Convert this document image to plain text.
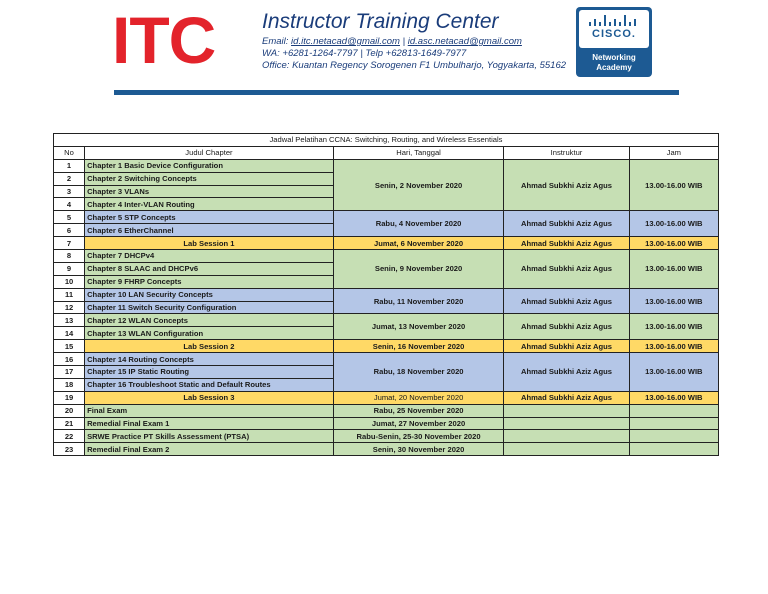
ITC Instructor Training Center
Email: id.itc.netacad@gmail.com | id.asc.netacad@gmail.com
WA: +6281-1264-7797 | Telp +62813-1649-7977
Office: Kuantan Regency Sorogenen F1 Umbulharjo, Yogyakarta, 55162
CISCO.
Networking
Academy
Jadwal Pelatihan CCNA: Switching, Routing, and Wireless Essentials				
No	Judul Chapter	Hari, Tanggal	Instruktur	Jam
1	Chapter 1 Basic Device Configuration	Senin, 2 November 2020	Ahmad Subkhi Aziz Agus	13.00-16.00 WIB
2	Chapter 2 Switching Concepts			
3	Chapter 3 VLANs			
4	Chapter 4 Inter-VLAN Routing			
5	Chapter 5 STP Concepts	Rabu, 4 November 2020	Ahmad Subkhi Aziz Agus	13.00-16.00 WIB
6	Chapter 6 EtherChannel			
7	Lab Session 1	Jumat, 6 November 2020	Ahmad Subkhi Aziz Agus	13.00-16.00 WIB
8	Chapter 7 DHCPv4	Senin, 9 November 2020	Ahmad Subkhi Aziz Agus	13.00-16.00 WIB
9	Chapter 8 SLAAC and DHCPv6			
10	Chapter 9 FHRP Concepts			
11	Chapter 10 LAN Security Concepts	Rabu, 11 November 2020	Ahmad Subkhi Aziz Agus	13.00-16.00 WIB
12	Chapter 11 Switch Security Configuration			
13	Chapter 12 WLAN Concepts	Jumat, 13 November 2020	Ahmad Subkhi Aziz Agus	13.00-16.00 WIB
14	Chapter 13 WLAN Configuration			
15	Lab Session 2	Senin, 16 November 2020	Ahmad Subkhi Aziz Agus	13.00-16.00 WIB
16	Chapter 14 Routing Concepts	Rabu, 18 November 2020	Ahmad Subkhi Aziz Agus	13.00-16.00 WIB
17	Chapter 15 IP Static Routing			
18	Chapter 16 Troubleshoot Static and Default Routes			
19	Lab Session 3	Jumat, 20 November 2020	Ahmad Subkhi Aziz Agus	13.00-16.00 WIB
20	Final Exam	Rabu, 25 November 2020		
21	Remedial Final Exam 1	Jumat, 27 November 2020		
22	SRWE Practice PT Skills Assessment (PTSA)	Rabu-Senin, 25-30 November 2020		
23	Remedial Final Exam 2	Senin, 30 November 2020		
